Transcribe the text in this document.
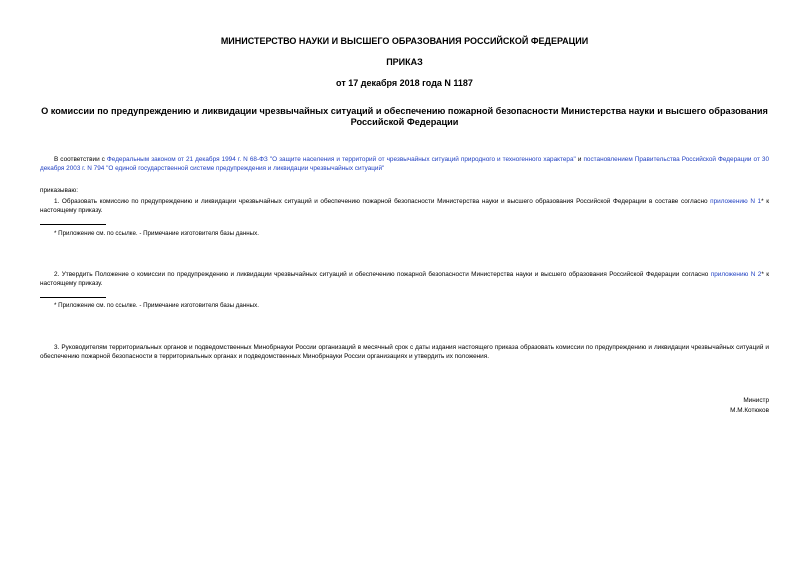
МИНИСТЕРСТВО НАУКИ И ВЫСШЕГО ОБРАЗОВАНИЯ РОССИЙСКОЙ ФЕДЕРАЦИИ
ПРИКАЗ
от 17 декабря 2018 года N 1187
О комиссии по предупреждению и ликвидации чрезвычайных ситуаций и обеспечению пожарной безопасности Министерства науки и высшего образования Российской Федерации
В соответствии с Федеральным законом от 21 декабря 1994 г. N 68-ФЗ "О защите населения и территорий от чрезвычайных ситуаций природного и техногенного характера" и постановлением Правительства Российской Федерации от 30 декабря 2003 г. N 794 "О единой государственной системе предупреждения и ликвидации чрезвычайных ситуаций"
приказываю:
1. Образовать комиссию по предупреждению и ликвидации чрезвычайных ситуаций и обеспечению пожарной безопасности Министерства науки и высшего образования Российской Федерации в составе согласно приложению N 1* к настоящему приказу.
* Приложение см. по ссылке. - Примечание изготовителя базы данных.
2. Утвердить Положение о комиссии по предупреждению и ликвидации чрезвычайных ситуаций и обеспечению пожарной безопасности Министерства науки и высшего образования Российской Федерации согласно приложению N 2* к настоящему приказу.
* Приложение см. по ссылке. - Примечание изготовителя базы данных.
3. Руководителям территориальных органов и подведомственных Минобрнауки России организаций в месячный срок с даты издания настоящего приказа образовать комиссии по предупреждению и ликвидации чрезвычайных ситуаций и обеспечению пожарной безопасности в территориальных органах и подведомственных Минобрнауки России организациях и утвердить их положения.
Министр
М.М.Котюков
